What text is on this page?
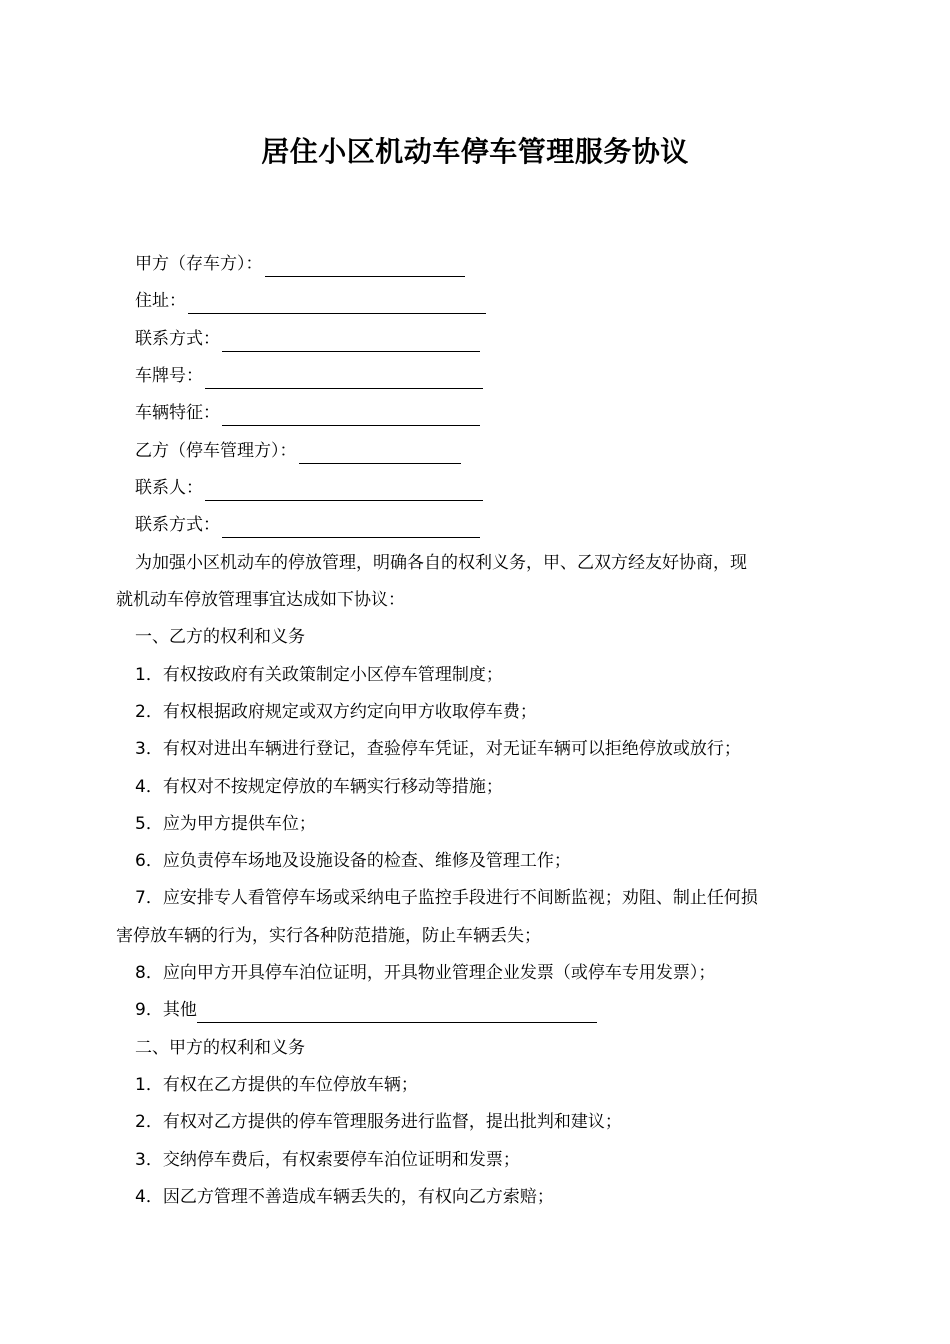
居住小区机动车停车管理服务协议
甲方（存车方）：
住址：
联系方式：
车牌号：
车辆特征：
乙方（停车管理方）：
联系人：
联系方式：
为加强小区机动车的停放管理，明确各自的权利义务，甲、乙双方经友好协商，现
就机动车停放管理事宜达成如下协议：
一、乙方的权利和义务
1．有权按政府有关政策制定小区停车管理制度；
2．有权根据政府规定或双方约定向甲方收取停车费；
3．有权对进出车辆进行登记，查验停车凭证，对无证车辆可以拒绝停放或放行；
4．有权对不按规定停放的车辆实行移动等措施；
5．应为甲方提供车位；
6．应负责停车场地及设施设备的检查、维修及管理工作；
7．应安排专人看管停车场或采纳电子监控手段进行不间断监视；劝阻、制止任何损
害停放车辆的行为，实行各种防范措施，防止车辆丢失；
8．应向甲方开具停车泊位证明，开具物业管理企业发票（或停车专用发票）；
9．其他
二、甲方的权利和义务
1．有权在乙方提供的车位停放车辆；
2．有权对乙方提供的停车管理服务进行监督，提出批判和建议；
3．交纳停车费后，有权索要停车泊位证明和发票；
4．因乙方管理不善造成车辆丢失的，有权向乙方索赔；
